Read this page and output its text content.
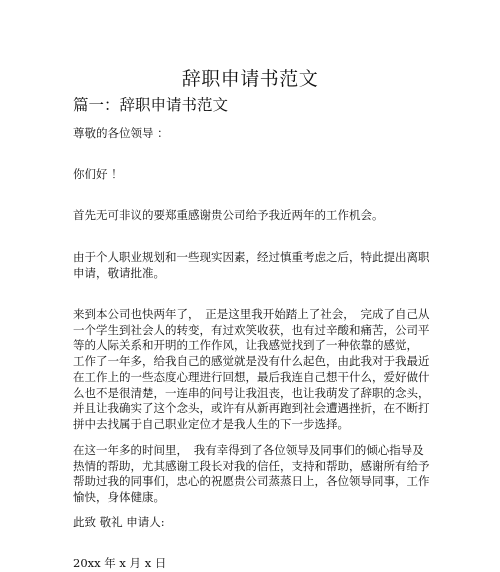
辞职申请书范文
篇一：辞职申请书范文
尊敬的各位领导 ：
你们好 ！
首先无可非议的要郑重感谢贵公司给予我近两年的工作机会。
由于个人职业规划和一些现实因素，经过慎重考虑之后，特此提出离职申请，敬请批准。
来到本公司也快两年了，　正是这里我开始踏上了社会，　完成了自己从一个学生到社会人的转变，有过欢笑收获，也有过辛酸和痛苦，公司平等的人际关系和开明的工作作风，让我感觉找到了一种依靠的感觉，　工作了一年多，给我自己的感觉就是没有什么起色，由此我对于我最近在工作上的一些态度心理进行回想，最后我连自己想干什么，爱好做什么也不是很清楚，一连串的问号让我沮丧，也让我萌发了辞职的念头，并且让我确实了这个念头，或许有从新再跑到社会遭遇挫折，在不断打拼中去找属于自己职业定位才是我人生的下一步选择。
在这一年多的时间里，　我有幸得到了各位领导及同事们的倾心指导及热情的帮助，尤其感谢工段长对我的信任，支持和帮助，感谢所有给予帮助过我的同事们，忠心的祝愿贵公司蒸蒸日上，各位领导同事，工作愉快，身体健康。
此致 敬礼 申请人:
20xx 年 x 月 x 日
